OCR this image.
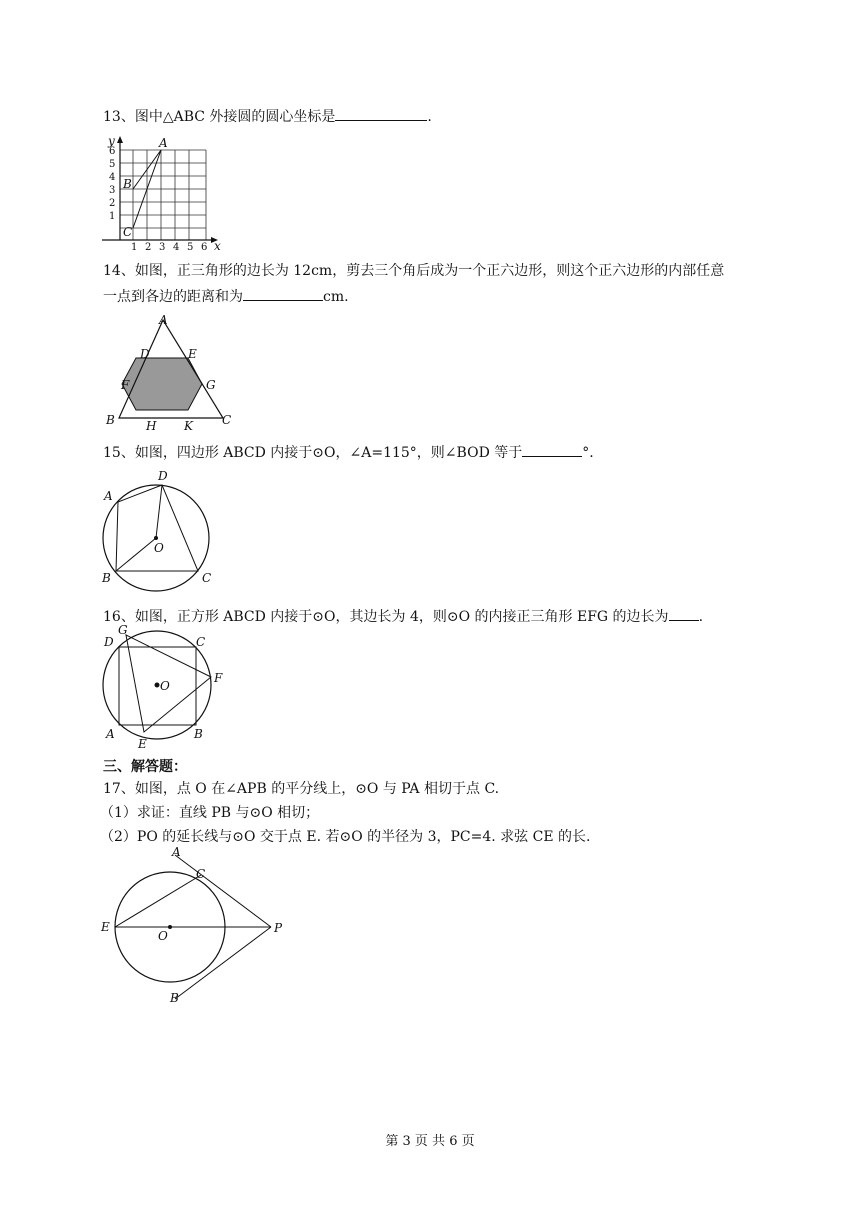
13、图中△ABC 外接圆的圆心坐标是	.
y
x
6
5
4
3
2
1
1 2 3 4 5 6
A
B
C
14、如图，正三角形的边长为 12cm，剪去三个角后成为一个正六边形，则这个正六边形的内部任意
一点到各边的距离和为	cm.
A
B	C
D	E
F	G
H K
15、如图，四边形 ABCD 内接于⊙O，∠A=115°，则∠BOD 等于	°.
D
A
B	C
O
16、如图，正方形 ABCD 内接于⊙O，其边长为 4，则⊙O 的内接正三角形 EFG 的边长为 .
G
D	C
F
O
A	B
E
三、解答题：
17、如图，点 O 在∠APB 的平分线上，⊙O 与 PA 相切于点 C.
（1）求证：直线 PB 与⊙O 相切；
（2）PO 的延长线与⊙O 交于点 E. 若⊙O 的半径为 3，PC=4. 求弦 CE 的长.
A
C
E
O
P
B
第 3 页 共 6 页
